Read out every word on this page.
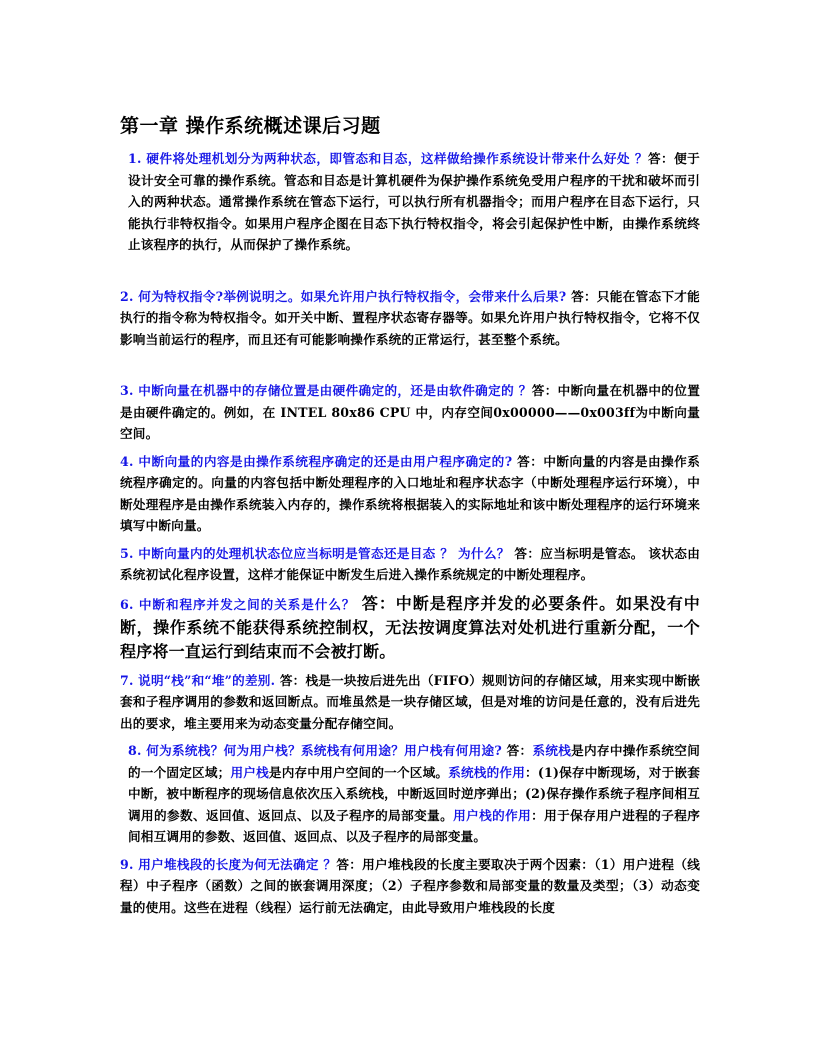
第一章 操作系统概述课后习题

1. 硬件将处理机划分为两种状态，即管态和目态，这样做给操作系统设计带来什么好处 ？答：便于设计安全可靠的操作系统。管态和目态是计算机硬件为保护操作系统免受用户程序的干扰和破坏而引入的两种状态。通常操作系统在管态下运行，可以执行所有机器指令；而用户程序在目态下运行，只能执行非特权指令。如果用户程序企图在目态下执行特权指令，将会引起保护性中断，由操作系统终止该程序的执行，从而保护了操作系统。

2. 何为特权指令?举例说明之。如果允许用户执行特权指令，会带来什么后果? 答：只能在管态下才能执行的指令称为特权指令。如开关中断、置程序状态寄存器等。如果允许用户执行特权指令，它将不仅影响当前运行的程序，而且还有可能影响操作系统的正常运行，甚至整个系统。

3. 中断向量在机器中的存储位置是由硬件确定的，还是由软件确定的 ？答：中断向量在机器中的位置是由硬件确定的。例如，在 INTEL 80x86 CPU 中，内存空间0x00000——0x003ff为中断向量空间。

4. 中断向量的内容是由操作系统程序确定的还是由用户程序确定的? 答：中断向量的内容是由操作系统程序确定的。向量的内容包括中断处理程序的入口地址和程序状态字（中断处理程序运行环境），中断处理程序是由操作系统装入内存的，操作系统将根据装入的实际地址和该中断处理程序的运行环境来填写中断向量。

5. 中断向量内的处理机状态位应当标明是管态还是目态 ？ 为什么？ 答：应当标明是管态。 该状态由系统初试化程序设置，这样才能保证中断发生后进入操作系统规定的中断处理程序。

6. 中断和程序并发之间的关系是什么？ 答：中断是程序并发的必要条件。如果没有中断，操作系统不能获得系统控制权，无法按调度算法对处机进行重新分配，一个程序将一直运行到结束而不会被打断。

7. 说明“栈”和“堆”的差别. 答：栈是一块按后进先出（FIFO）规则访问的存储区域，用来实现中断嵌套和子程序调用的参数和返回断点。而堆虽然是一块存储区域，但是对堆的访问是任意的，没有后进先出的要求，堆主要用来为动态变量分配存储空间。

8. 何为系统栈？何为用户栈？系统栈有何用途？用户栈有何用途? 答：系统栈是内存中操作系统空间的一个固定区域；用户栈是内存中用户空间的一个区域。系统栈的作用：(1)保存中断现场，对于嵌套中断，被中断程序的现场信息依次压入系统栈，中断返回时逆序弹出；(2)保存操作系统子程序间相互调用的参数、返回值、返回点、以及子程序的局部变量。用户栈的作用：用于保存用户进程的子程序间相互调用的参数、返回值、返回点、以及子程序的局部变量。

9. 用户堆栈段的长度为何无法确定 ？答：用户堆栈段的长度主要取决于两个因素：（1）用户进程（线程）中子程序（函数）之间的嵌套调用深度；（2）子程序参数和局部变量的数量及类型；（3）动态变量的使用。这些在进程（线程）运行前无法确定，由此导致用户堆栈段的长度
